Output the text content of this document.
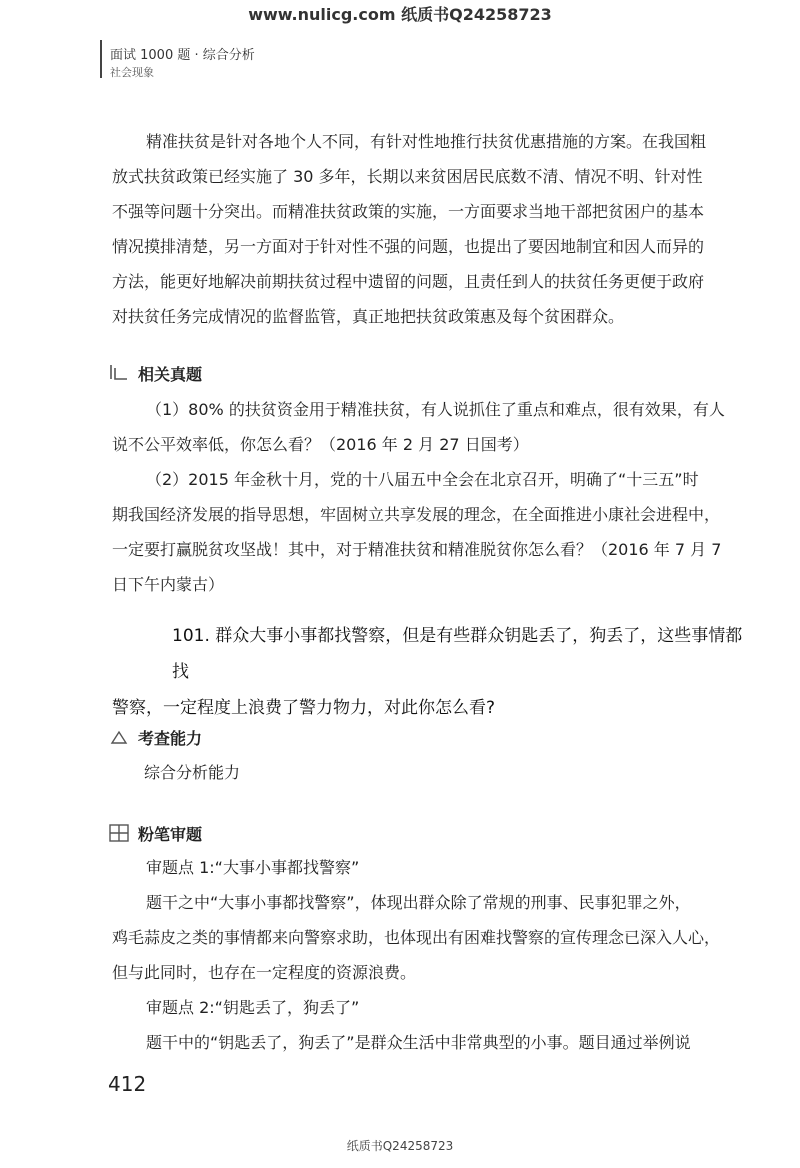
www.nulicg.com 纸质书Q24258723
面试 1000 题 · 综合分析
社会现象
精准扶贫是针对各地个人不同，有针对性地推行扶贫优惠措施的方案。在我国粗
放式扶贫政策已经实施了 30 多年，长期以来贫困居民底数不清、情况不明、针对性
不强等问题十分突出。而精准扶贫政策的实施，一方面要求当地干部把贫困户的基本
情况摸排清楚，另一方面对于针对性不强的问题，也提出了要因地制宜和因人而异的
方法，能更好地解决前期扶贫过程中遗留的问题，且责任到人的扶贫任务更便于政府
对扶贫任务完成情况的监督监管，真正地把扶贫政策惠及每个贫困群众。
相关真题
（1）80% 的扶贫资金用于精准扶贫，有人说抓住了重点和难点，很有效果，有人
说不公平效率低，你怎么看？（2016 年 2 月 27 日国考）
（2）2015 年金秋十月，党的十八届五中全会在北京召开，明确了“十三五”时
期我国经济发展的指导思想，牢固树立共享发展的理念，在全面推进小康社会进程中，
一定要打赢脱贫攻坚战！其中，对于精准扶贫和精准脱贫你怎么看？（2016 年 7 月 7
日下午内蒙古）
101. 群众大事小事都找警察，但是有些群众钥匙丢了，狗丢了，这些事情都找
警察，一定程度上浪费了警力物力，对此你怎么看?
考查能力
综合分析能力
粉笔审题
审题点 1:“大事小事都找警察”
题干之中“大事小事都找警察”，体现出群众除了常规的刑事、民事犯罪之外，
鸡毛蒜皮之类的事情都来向警察求助，也体现出有困难找警察的宣传理念已深入人心，
但与此同时，也存在一定程度的资源浪费。
审题点 2:“钥匙丢了，狗丢了”
题干中的“钥匙丢了，狗丢了”是群众生活中非常典型的小事。题目通过举例说
412
纸质书Q24258723
